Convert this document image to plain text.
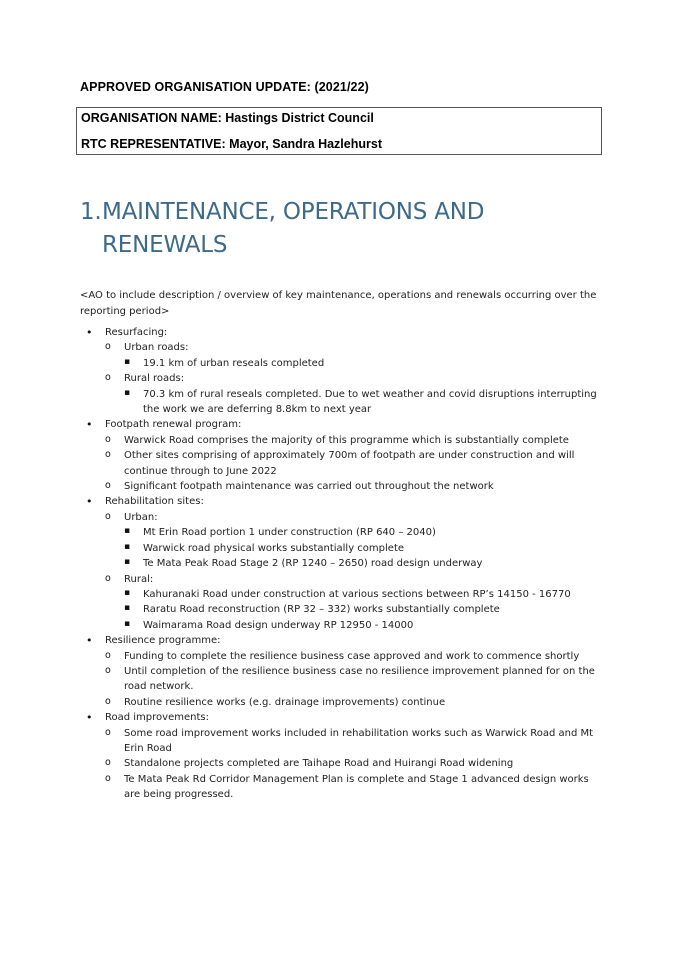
APPROVED ORGANISATION UPDATE: (2021/22)
ORGANISATION NAME: Hastings District Council
RTC REPRESENTATIVE: Mayor, Sandra Hazlehurst
1.MAINTENANCE, OPERATIONS AND
RENEWALS
<AO to include description / overview of key maintenance, operations and renewals occurring over the reporting period>
• Resurfacing:
o Urban roads:
▪ 19.1 km of urban reseals completed
o Rural roads:
▪ 70.3 km of rural reseals completed. Due to wet weather and covid disruptions interrupting the work we are deferring 8.8km to next year
• Footpath renewal program:
o Warwick Road comprises the majority of this programme which is substantially complete
o Other sites comprising of approximately 700m of footpath are under construction and will continue through to June 2022
o Significant footpath maintenance was carried out throughout the network
• Rehabilitation sites:
o Urban:
▪ Mt Erin Road portion 1 under construction (RP 640 – 2040)
▪ Warwick road physical works substantially complete
▪ Te Mata Peak Road Stage 2 (RP 1240 – 2650) road design underway
o Rural:
▪ Kahuranaki Road under construction at various sections between RP’s 14150 - 16770
▪ Raratu Road reconstruction (RP 32 – 332) works substantially complete
▪ Waimarama Road design underway RP 12950 - 14000
• Resilience programme:
o Funding to complete the resilience business case approved and work to commence shortly
o Until completion of the resilience business case no resilience improvement planned for on the road network.
o Routine resilience works (e.g. drainage improvements) continue
• Road improvements:
o Some road improvement works included in rehabilitation works such as Warwick Road and Mt Erin Road
o Standalone projects completed are Taihape Road and Huirangi Road widening
o Te Mata Peak Rd Corridor Management Plan is complete and Stage 1 advanced design works are being progressed.
